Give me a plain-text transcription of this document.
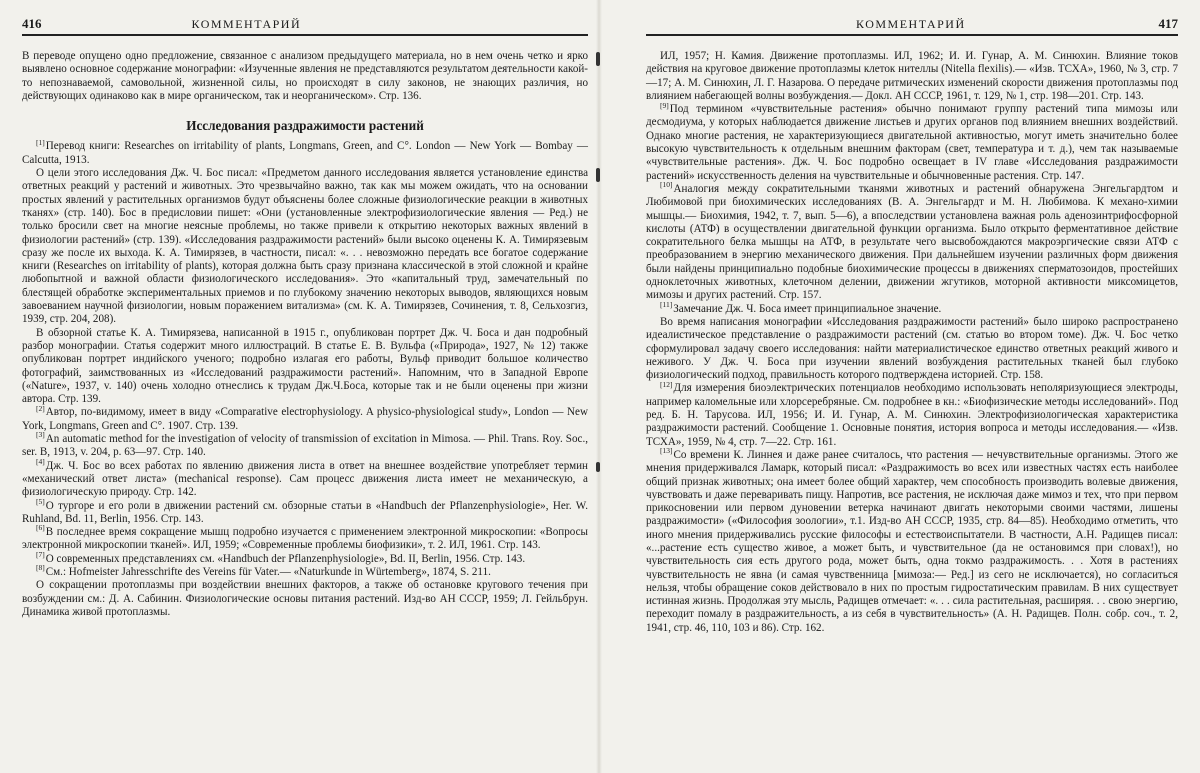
416	КОММЕНТАРИЙ

В переводе опущено одно предложение, связанное с анализом предыдущего материала, но в нем очень четко и ярко выявлено основное содержание монографии: «Изученные явления не представляются результатом деятельности какой-то непознаваемой, самовольной, жизненной силы, но происходят в силу законов, не знающих различия, но действующих одинаково как в мире органическом, так и неорганическом». Стр. 136.

Исследования раздражимости растений

[1]Перевод книги: Researches on irritability of plants, Longmans, Green, and C°. London — New York — Bombay — Calcutta, 1913.

О цели этого исследования Дж. Ч. Бос писал: «Предметом данного исследования является установление единства ответных реакций у растений и животных. Это чрезвычайно важно, так как мы можем ожидать, что на основании простых явлений у растительных организмов будут объяснены более сложные физиологические реакции в животных тканях» (стр. 140). Бос в предисловии пишет: «Они (установленные электрофизиологические явления — Ред.) не только бросили свет на многие неясные проблемы, но также привели к открытию некоторых важных явлений в физиологии растений» (стр. 139). «Исследования раздражимости растений» были высоко оценены К. А. Тимирязевым сразу же после их выхода. К. А. Тимирязев, в частности, писал: «. . . невозможно передать все богатое содержание книги (Researches on irritability of plants), которая должна быть сразу признана классической в этой сложной и крайне любопытной и важной области физиологического исследования». Это «капитальный труд, замечательный по блестящей обработке экспериментальных приемов и по глубокому значению некоторых выводов, являющихся новым завоеванием научной физиологии, новым поражением витализма» (см. К. А. Тимирязев, Сочинения, т. 8, Сельхозгиз, 1939, стр. 204, 208).

В обзорной статье К. А. Тимирязева, написанной в 1915 г., опубликован портрет Дж. Ч. Боса и дан подробный разбор монографии. Статья содержит много иллюстраций. В статье Е. В. Вульфа («Природа», 1927, № 12) также опубликован портрет индийского ученого; подробно излагая его работы, Вульф приводит большое количество фотографий, заимствованных из «Исследований раздражимости растений». Напомним, что в Западной Европе («Nature», 1937, v. 140) очень холодно отнеслись к трудам Дж.Ч.Боса, которые так и не были оценены при жизни автора. Стр. 139.

[2]Автор, по-видимому, имеет в виду «Comparative electrophysiology. A physico-physiological study», London — New York, Longmans, Green and C°. 1907. Стр. 139.

[3]An automatic method for the investigation of velocity of transmission of excitation in Mimosa. — Phil. Trans. Roy. Soc., ser. B, 1913, v. 204, p. 63—97. Стр. 140.

[4]Дж. Ч. Бос во всех работах по явлению движения листа в ответ на внешнее воздействие употребляет термин «механический ответ листа» (mechanical response). Сам процесс движения листа имеет не механическую, а физиологическую природу. Стр. 142.

[5]О тургоре и его роли в движении растений см. обзорные статьи в «Handbuch der Pflanzenphysiologie», Her. W. Ruhland, Bd. 11, Berlin, 1956. Стр. 143.

[6]В последнее время сокращение мышц подробно изучается с применением электронной микроскопии: «Вопросы электронной микроскопии тканей». ИЛ, 1959; «Современные проблемы биофизики», т. 2. ИЛ, 1961. Стр. 143.

[7]О современных представлениях см. «Handbuch der Pflanzenphysiologie», Bd. II, Berlin, 1956. Стр. 143.

[8]См.: Hofmeister Jahresschrifte des Vereins für Vater.— «Naturkunde in Würtemberg», 1874, S. 211.

О сокращении протоплазмы при воздействии внешних факторов, а также об остановке кругового течения при возбуждении см.: Д. А. Сабинин. Физиологические основы питания растений. Изд-во АН СССР, 1959; Л. Гейльбрун. Динамика живой протоплазмы.

КОММЕНТАРИЙ	417

ИЛ, 1957; Н. Камия. Движение протоплазмы. ИЛ, 1962; И. И. Гунар, А. М. Синюхин. Влияние токов действия на круговое движение протоплазмы клеток нителлы (Nitella flexilis).— «Изв. ТСХА», 1960, № 3, стр. 7—17; А. М. Синюхин, Л. Г. Назарова. О передаче ритмических изменений скорости движения протоплазмы под влиянием набегающей волны возбуждения.— Докл. АН СССР, 1961, т. 129, № 1, стр. 198—201. Стр. 143.

[9]Под термином «чувствительные растения» обычно понимают группу растений типа мимозы или десмодиума, у которых наблюдается движение листьев и других органов под влиянием внешних воздействий. Однако многие растения, не характеризующиеся двигательной активностью, могут иметь значительно более высокую чувствительность к отдельным внешним факторам (свет, температура и т. д.), чем так называемые «чувствительные растения». Дж. Ч. Бос подробно освещает в IV главе «Исследования раздражимости растений» искусственность деления на чувствительные и обычновенные растения. Стр. 147.

[10]Аналогия между сократительными тканями животных и растений обнаружена Энгельгардтом и Любимовой при биохимических исследованиях (В. А. Энгельгардт и М. Н. Любимова. К механо-химии мышцы.— Биохимия, 1942, т. 7, вып. 5—6), а впоследствии установлена важная роль аденозинтрифосфорной кислоты (АТФ) в осуществлении двигательной функции организма. Было открыто ферментативное действие сократительного белка мышцы на АТФ, в результате чего высвобождаются макроэргические связи АТФ с преобразованием в энергию механического движения. При дальнейшем изучении различных форм движения были найдены принципиально подобные биохимические процессы в движениях сперматозоидов, простейших одноклеточных животных, клеточном делении, движении жгутиков, моторной активности миксомицетов, мимозы и других растений. Стр. 157.

[11]Замечание Дж. Ч. Боса имеет принципиальное значение.

Во время написания монографии «Исследования раздражимости растений» было широко распространено идеалистическое представление о раздражимости растений (см. статью во втором томе). Дж. Ч. Бос четко сформулировал задачу своего исследования: найти материалистическое единство ответных реакций живого и неживого. У Дж. Ч. Боса при изучении явлений возбуждения растительных тканей был глубоко физиологический подход, правильность которого подтверждена историей. Стр. 158.

[12]Для измерения биоэлектрических потенциалов необходимо использовать неполяризующиеся электроды, например каломельные или хлорсеребряные. См. подробнее в кн.: «Биофизические методы исследований». Под ред. Б. Н. Тарусова. ИЛ, 1956; И. И. Гунар, А. М. Синюхин. Электрофизиологическая характеристика раздражимости растений. Сообщение 1. Основные понятия, история вопроса и методы исследования.— «Изв. ТСХА», 1959, № 4, стр. 7—22. Стр. 161.

[13]Со времени К. Линнея и даже ранее считалось, что растения — нечувствительные организмы. Этого же мнения придерживался Ламарк, который писал: «Раздражимость во всех или известных частях есть наиболее общий признак животных; она имеет более общий характер, чем способность производить волевые движения, чувствовать и даже переваривать пищу. Напротив, все растения, не исключая даже мимоз и тех, что при первом прикосновении или первом дуновении ветерка начинают двигать некоторыми своими частями, лишены раздражимости» («Философия зоологии», т.1. Изд-во АН СССР, 1935, стр. 84—85). Необходимо отметить, что иного мнения придерживались русские философы и естествоиспытатели. В частности, А.Н. Радищев писал: «...растение есть существо живое, а может быть, и чувствительное (да не остановимся при словах!), но чувствительность сия есть другого рода, может быть, одна токмо раздражимость. . . Хотя в растениях чувствительность не явна (и самая чувственница [мимоза:— Ред.] из сего не исключается), но согласиться нельзя, чтобы обращение соков действовало в них по простым гидростатическим правилам. В них существует истинная жизнь. Продолжая эту мысль, Радищев отмечает: «. . . сила растительная, расширяя. . . свою энергию, переходит помалу в раздражительность, а из себя в чувствительность» (А. Н. Радищев. Полн. собр. соч., т. 2, 1941, стр. 46, 110, 103 и 86). Стр. 162.
